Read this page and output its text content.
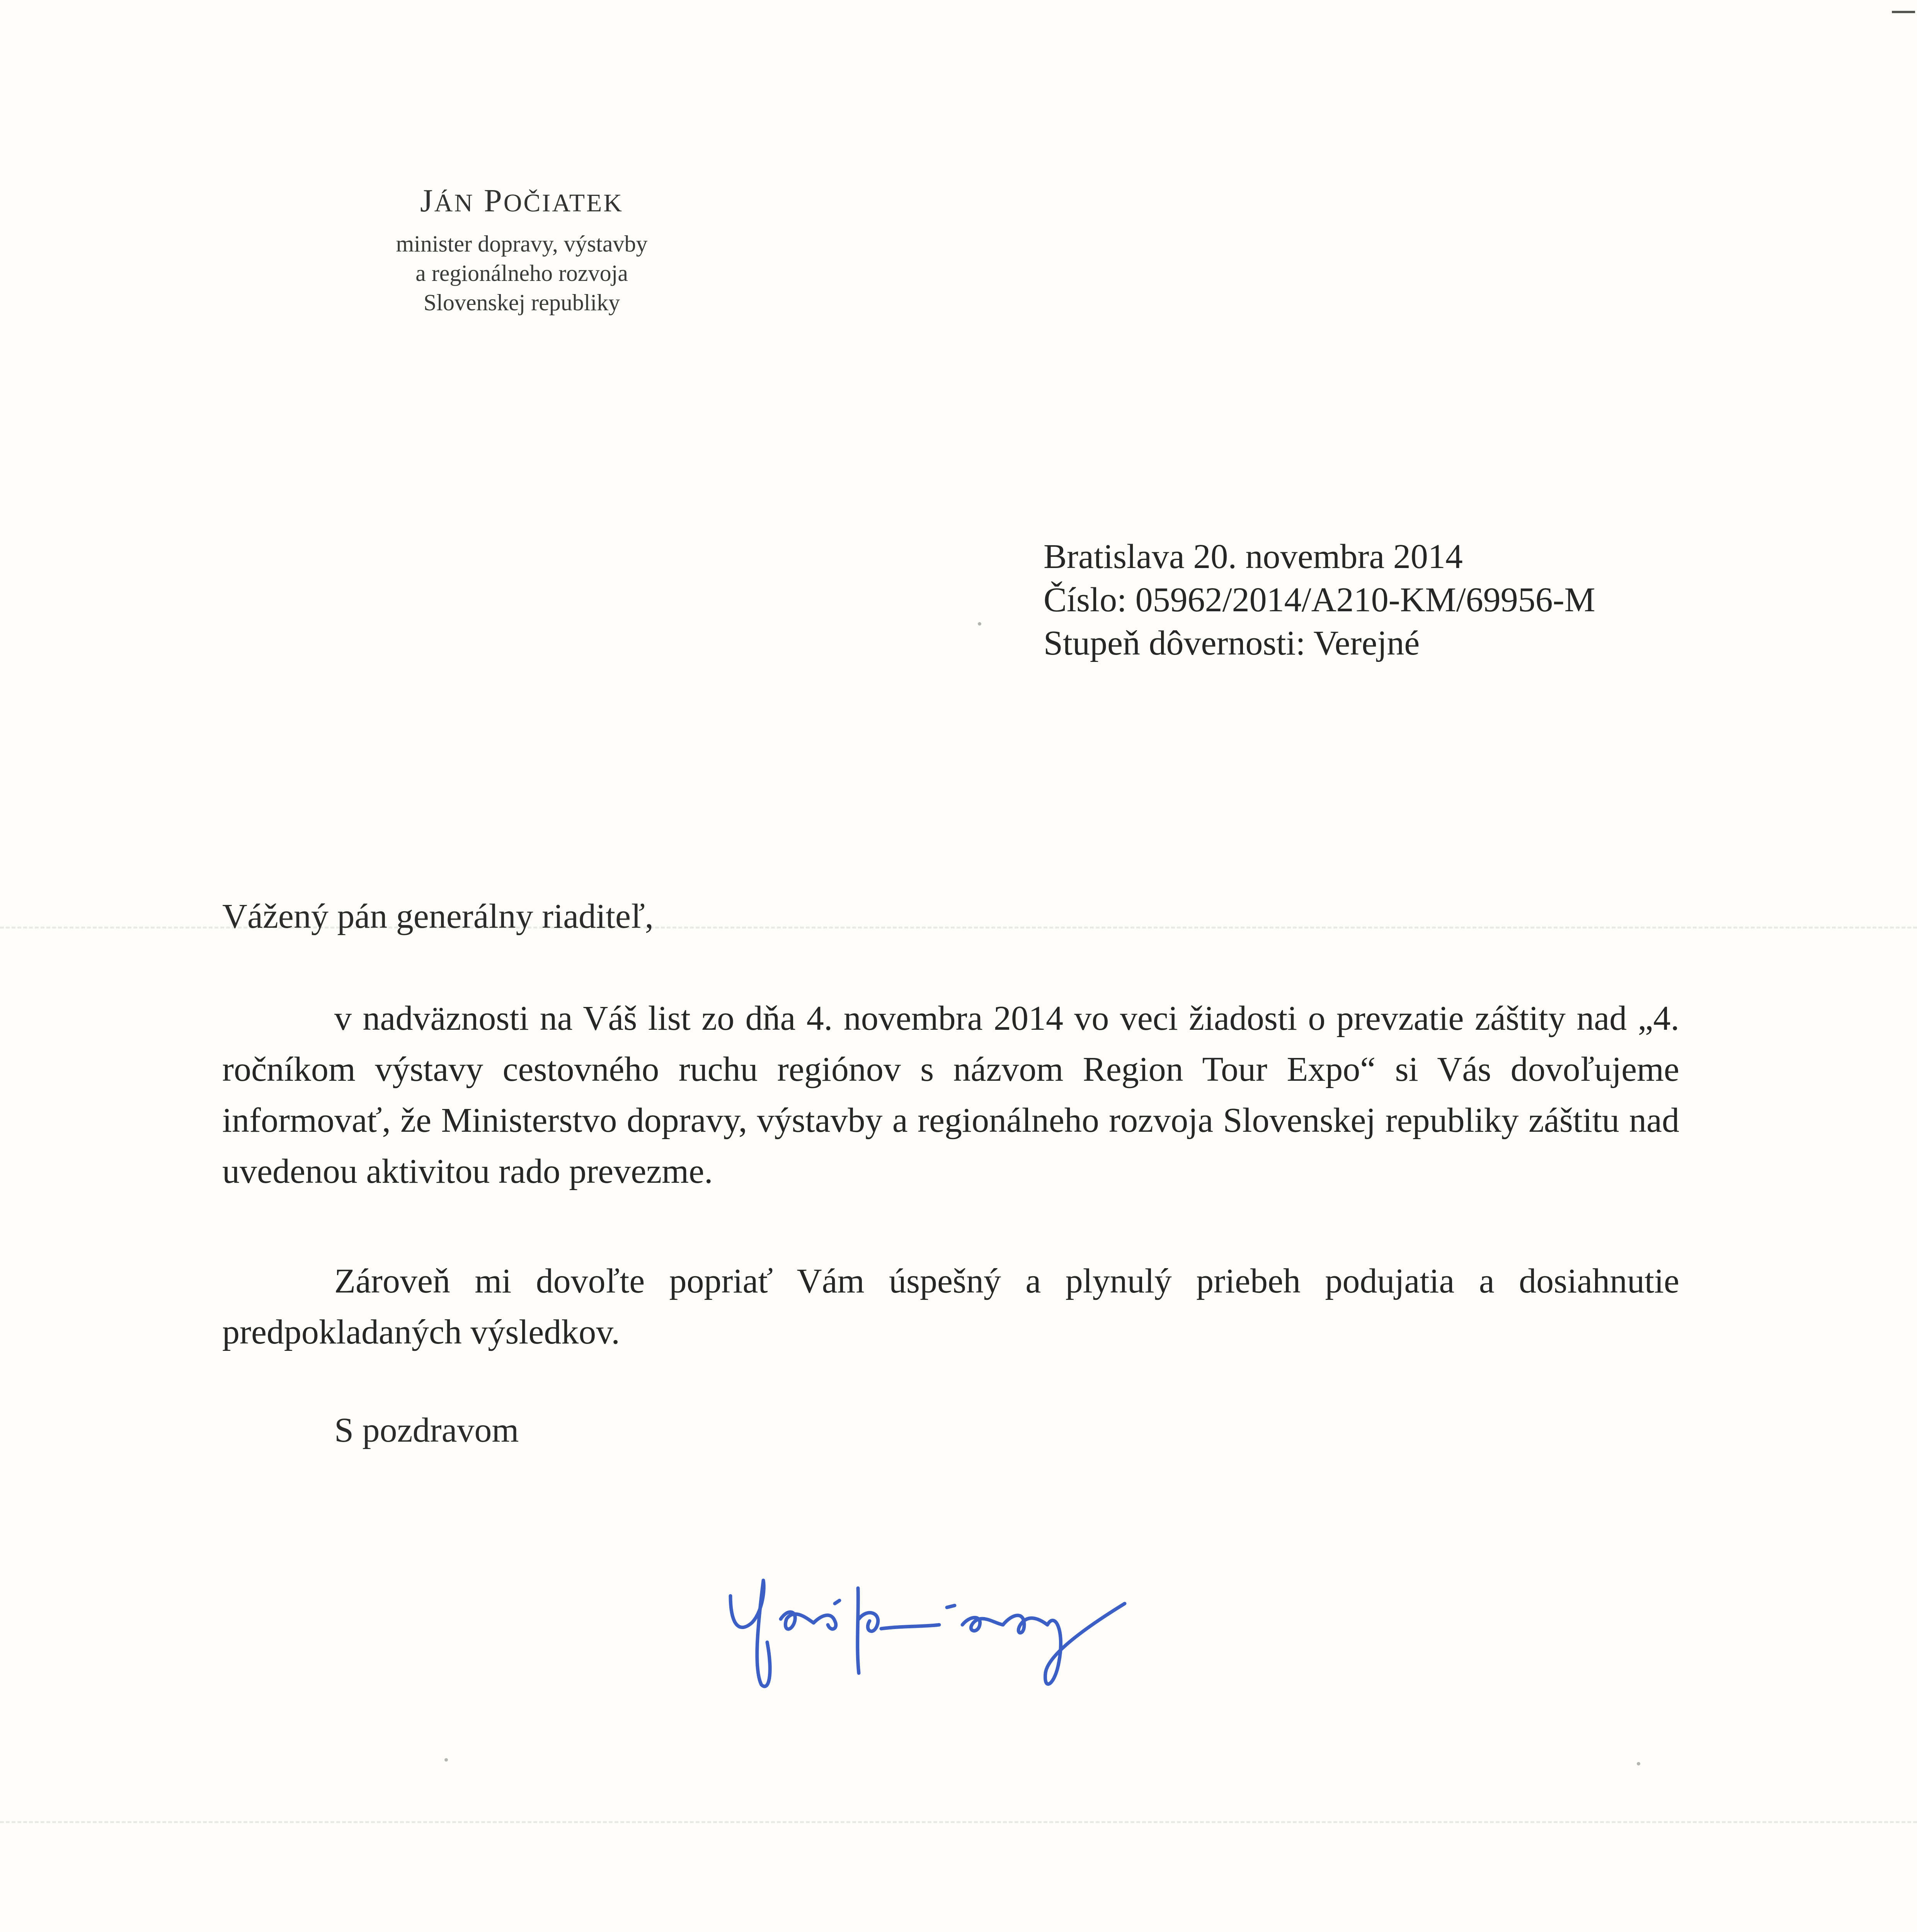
JÁN POČIATEK
minister dopravy, výstavby
a regionálneho rozvoja
Slovenskej republiky
Bratislava 20. novembra 2014
Číslo: 05962/2014/A210-KM/69956-M
Stupeň dôvernosti: Verejné
Vážený pán generálny riaditeľ,
v nadväznosti na Váš list zo dňa 4. novembra 2014 vo veci žiadosti o prevzatie záštity nad „4. ročníkom výstavy cestovného ruchu regiónov s názvom Region Tour Expo“ si Vás dovoľujeme informovať, že Ministerstvo dopravy, výstavby a regionálneho rozvoja Slovenskej republiky záštitu nad uvedenou aktivitou rado prevezme.
Zároveň mi dovoľte popriať Vám úspešný a plynulý priebeh podujatia a dosiahnutie predpokladaných výsledkov.
S pozdravom
